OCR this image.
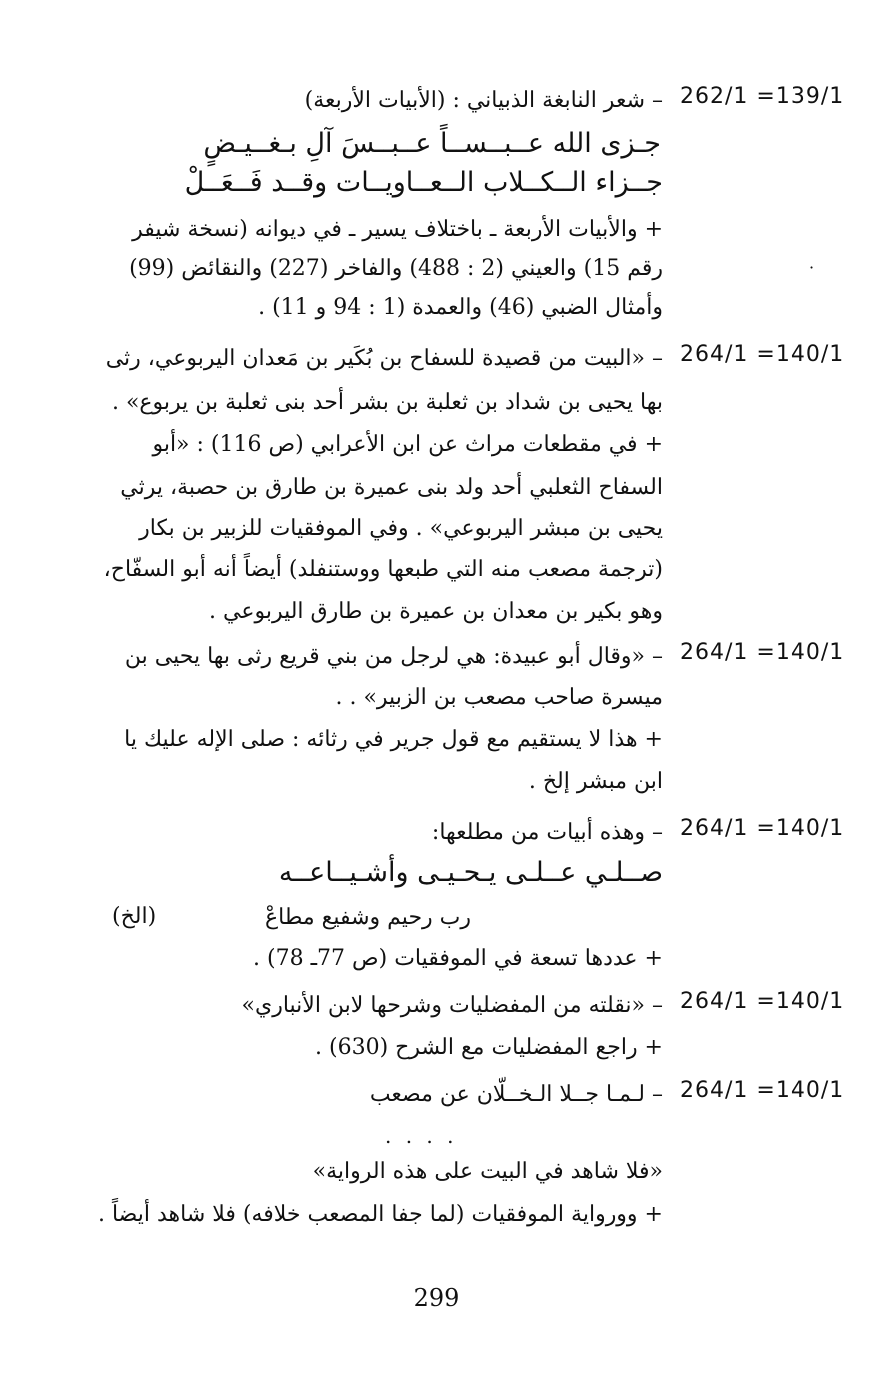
262/1 =139/1
– شعر النابغة الذبياني : (الأبيات الأربعة)
جـزى الله عــبــســاً عــبــسَ آلِ بـغــيـضٍ
جــزاء الــكــلاب الــعــاويــات وقــد فَــعَــلْ
+ والأبيات الأربعة ـ باختلاف يسير ـ في ديوانه (نسخة شيفر
رقم 15) والعيني (2 : 488) والفاخر (227) والنقائض (99)
وأمثال الضبي (46) والعمدة (1 : 94 و 11) .
·
264/1 =140/1
– «البيت من قصيدة للسفاح بن بُكَير بن مَعدان اليربوعي، رثى
بها يحيى بن شداد بن ثعلبة بن بشر أحد بنى ثعلبة بن يربوع» .
+ في مقطعات مراث عن ابن الأعرابي (ص 116) : «أبو
السفاح الثعلبي أحد ولد بنى عميرة بن طارق بن حصبة، يرثي
يحيى بن مبشر اليربوعي» . وفي الموفقيات للزبير بن بكار
(ترجمة مصعب منه التي طبعها ووستنفلد) أيضاً أنه أبو السفّاح،
وهو بكير بن معدان بن عميرة بن طارق اليربوعي .
264/1 =140/1
– «وقال أبو عبيدة: هي لرجل من بني قريع رثى بها يحيى بن
ميسرة صاحب مصعب بن الزبير» . .
+ هذا لا يستقيم مع قول جرير في رثائه : صلى الإله عليك يا
ابن مبشر إلخ .
264/1 =140/1
– وهذه أبيات من مطلعها:
صــلـي عــلـى يـحـيـى وأشـيــاعــه
رب رحيم وشفيع مطاعْ
(الخ)
+ عددها تسعة في الموفقيات (ص 77ـ 78) .
264/1 =140/1
– «نقلته من المفضليات وشرحها لابن الأنباري»
+ راجع المفضليات مع الشرح (630) .
264/1 =140/1
– لـمـا جــلا الـخــلّان عن مصعب
. . . .
«فلا شاهد في البيت على هذه الرواية»
+ وورواية الموفقيات (لما جفا المصعب خلافه) فلا شاهد أيضاً .
299
